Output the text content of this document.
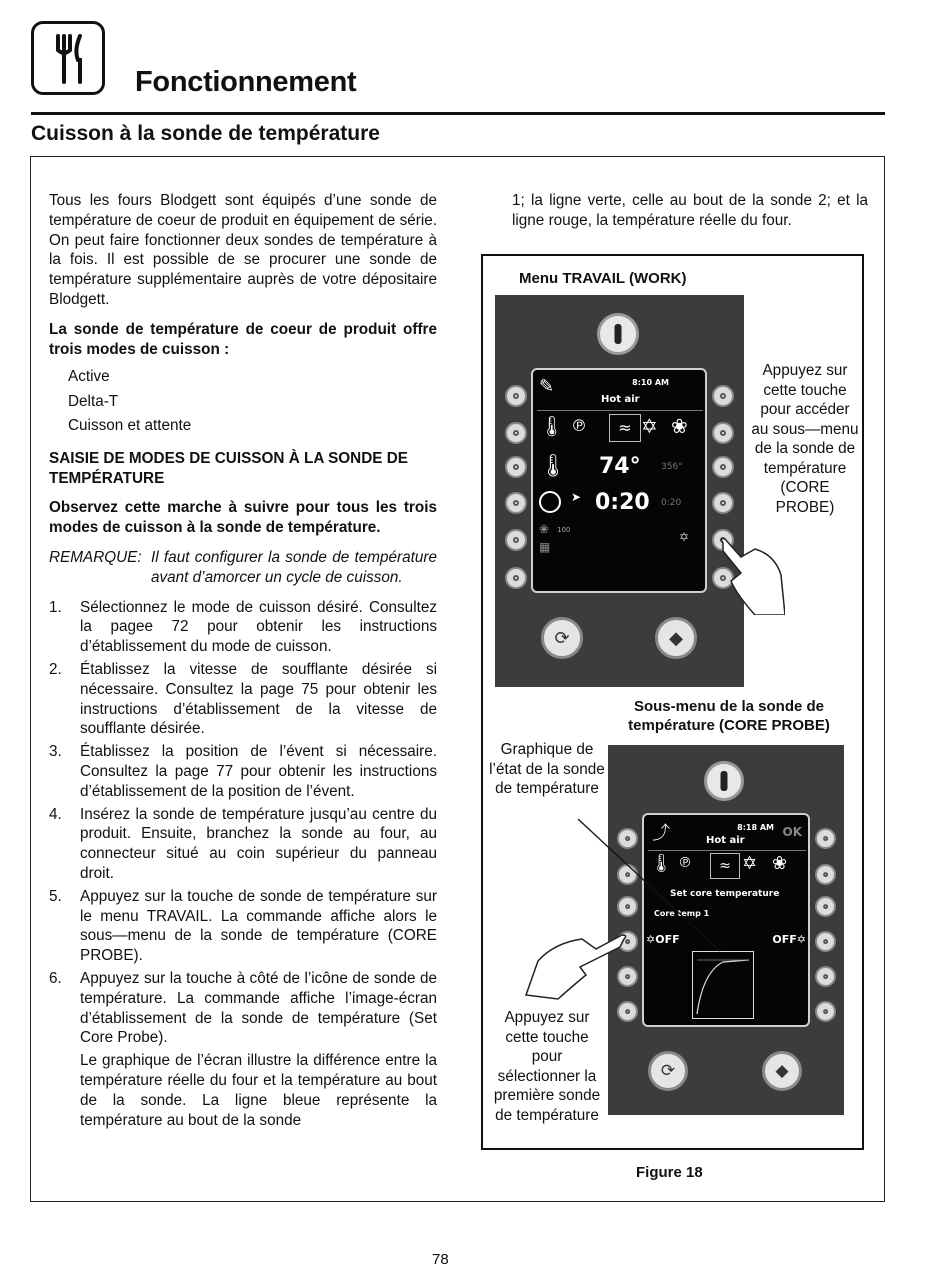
Fonctionnement
Cuisson à la sonde de température

Tous les fours Blodgett sont équipés d’une sonde de température de coeur de produit en équipement de série. On peut faire fonctionner deux sondes de température à la fois. Il est possible de se procurer une sonde de température supplémentaire auprès de votre dépositaire Blodgett.

La sonde de température de coeur de produit offre trois modes de cuisson :

Active
Delta-T
Cuisson et attente

SAISIE DE MODES DE CUISSON À LA SONDE DE TEMPÉRATURE

Observez cette marche à suivre pour tous les trois modes de cuisson à la sonde de température.

REMARQUE: Il faut configurer la sonde de température avant d’amorcer un cycle de cuisson.
1.	Sélectionnez le mode de cuisson désiré. Consultez la pagee 72 pour obtenir les instructions d’établissement du mode de cuisson.
2.	Établissez la vitesse de soufflante désirée si nécessaire. Consultez la page 75 pour obtenir les instructions d’établissement de la vitesse de soufflante désirée.
3.	Établissez la position de l’évent si nécessaire. Consultez la page 77 pour obtenir les instructions d’établissement de la position de l’évent.
4.	Insérez la sonde de température jusqu’au centre du produit. Ensuite, branchez la sonde au four, au connecteur situé au coin supérieur du panneau droit.
5.	Appuyez sur la touche de sonde de température sur le menu TRAVAIL. La commande affiche alors le sous—menu de la sonde de température (CORE PROBE).
6.	Appuyez sur la touche à côté de l’icône de sonde de température. La commande affiche l’image-écran d’établissement de la sonde de température (Set Core Probe).
Le graphique de l’écran illustre la différence entre la température réelle du four et la température au bout de la sonde. La ligne bleue représente la température au bout de la sonde
1; la ligne verte, celle au bout de la sonde 2; et la ligne rouge, la température réelle du four.
Menu TRAVAIL (WORK)
✎	8:10 AM
Hot air
🌡 ℗	≈ ✡ ❀
🌡 74° 356°
➤ 0:20 0:20
❀ 100
▦
✡
⟳	◆
Appuyez sur cette touche pour accéder au sous—menu de la sonde de température (CORE PROBE)
Sous-menu de la sonde de température (CORE PROBE)
Graphique de l’état de la sonde de température
⤴	8:18 AM OK
Hot air
🌡 ℗	≈ ✡ ❀
Set core temperature
Core temp 1
✡OFF	OFF✡
⟳	◆
Appuyez sur cette touche pour sélectionner la première sonde de température
Figure 18
78
